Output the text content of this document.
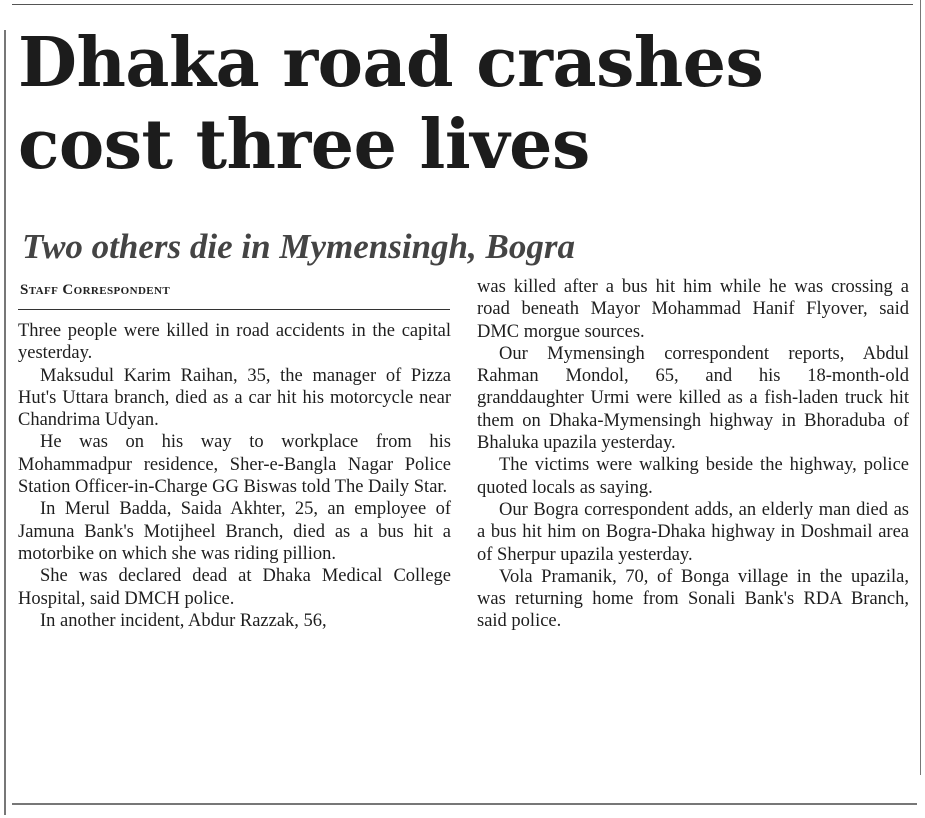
Dhaka road crashes
cost three lives
Two others die in Mymensingh, Bogra
Staff Correspondent

Three people were killed in road accidents in the capital yesterday.

Maksudul Karim Raihan, 35, the manager of Pizza Hut's Uttara branch, died as a car hit his motorcycle near Chandrima Udyan.

He was on his way to workplace from his Mohammadpur residence, Sher-e-Bangla Nagar Police Station Officer-in-Charge GG Biswas told The Daily Star.

In Merul Badda, Saida Akhter, 25, an employee of Jamuna Bank's Motijheel Branch, died as a bus hit a motorbike on which she was riding pillion.

She was declared dead at Dhaka Medical College Hospital, said DMCH police.

In another incident, Abdur Razzak, 56,

was killed after a bus hit him while he was crossing a road beneath Mayor Mohammad Hanif Flyover, said DMC morgue sources.

Our Mymensingh correspondent reports, Abdul Rahman Mondol, 65, and his 18-month-old granddaughter Urmi were killed as a fish-laden truck hit them on Dhaka-Mymensingh highway in Bhoraduba of Bhaluka upazila yesterday.

The victims were walking beside the highway, police quoted locals as saying.

Our Bogra correspondent adds, an elderly man died as a bus hit him on Bogra-Dhaka highway in Doshmail area of Sherpur upazila yesterday.

Vola Pramanik, 70, of Bonga village in the upazila, was returning home from Sonali Bank's RDA Branch, said police.
